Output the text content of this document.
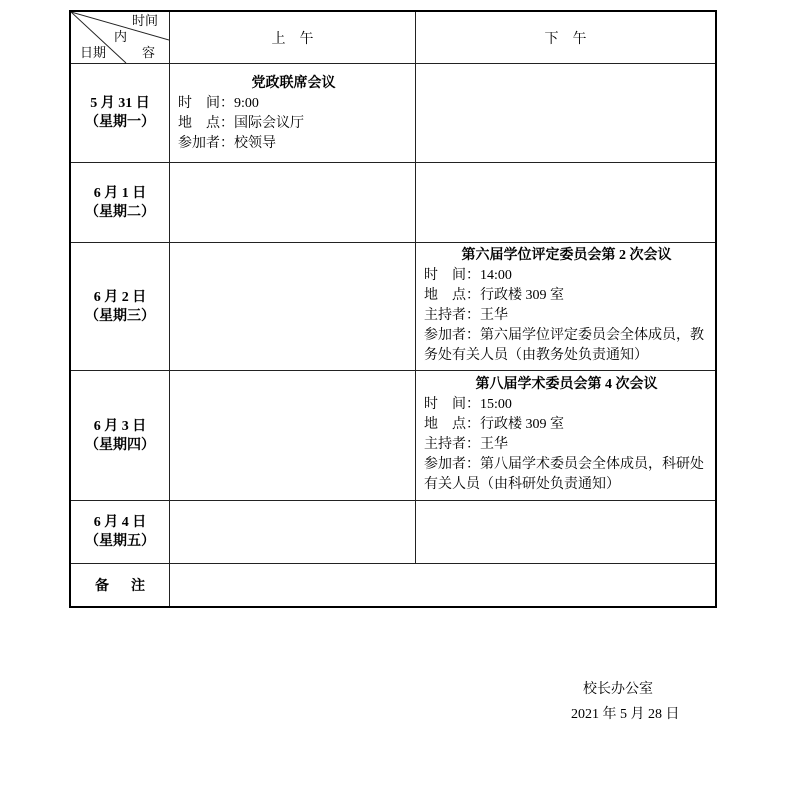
时间
内
日期	容
上　午	下　午
5 月 31 日
（星期一）
党政联席会议
时　间：9:00
地　点：国际会议厅
参加者：校领导
6 月 1 日
（星期二）
6 月 2 日
（星期三）
第六届学位评定委员会第 2 次会议
时　间：14:00
地　点：行政楼 309 室
主持者：王华
参加者：第六届学位评定委员会全体成员，教务处有关人员（由教务处负责通知）
6 月 3 日
（星期四）
第八届学术委员会第 4 次会议
时　间：15:00
地　点：行政楼 309 室
主持者：王华
参加者：第八届学术委员会全体成员，科研处有关人员（由科研处负责通知）
6 月 4 日
（星期五）
备　注
校长办公室
2021 年 5 月 28 日
